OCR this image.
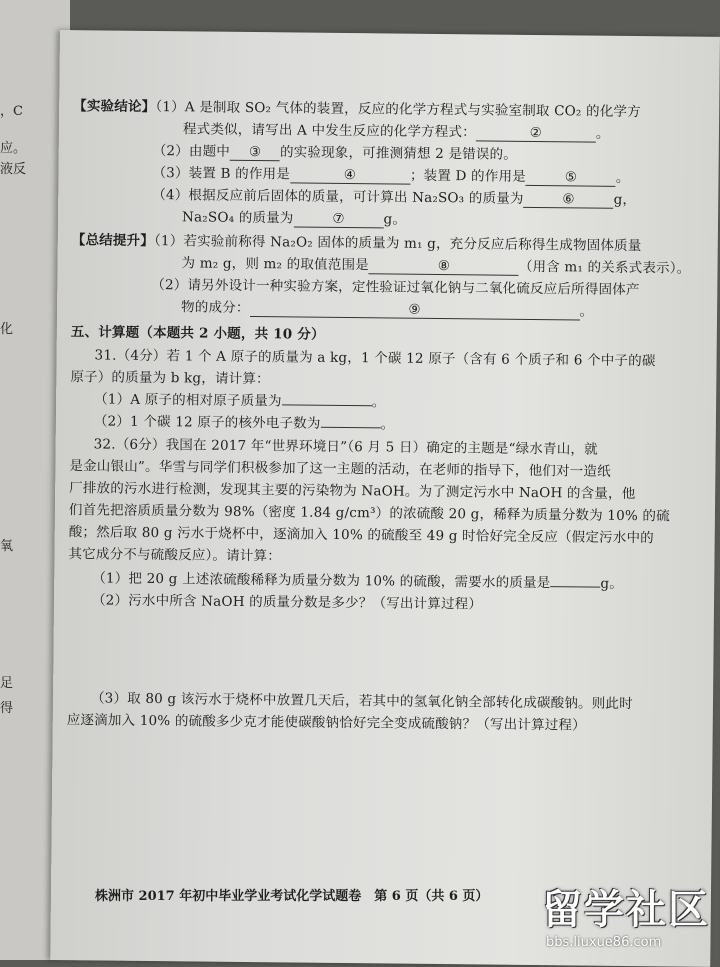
，C
应。
液反
化
氧
足
得
【实验结论】（1）A 是制取 SO₂ 气体的装置，反应的化学方程式与实验室制取 CO₂ 的化学方
程式类似，请写出 A 中发生反应的化学方程式：	②	。
（2）由题中 ③ 的实验现象，可推测猜想 2 是错误的。
（3）装置 B 的作用是	④	；装置 D 的作用是	⑤	。
（4）根据反应前后固体的质量，可计算出 Na₂SO₃ 的质量为	⑥	g，
Na₂SO₄ 的质量为	⑦	g。
【总结提升】（1）若实验前称得 Na₂O₂ 固体的质量为 m₁ g，充分反应后称得生成物固体质量
为 m₂ g，则 m₂ 的取值范围是	⑧	（用含 m₁ 的关系式表示）。
（2）请另外设计一种实验方案，定性验证过氧化钠与二氧化硫反应后所得固体产
物的成分：	⑨	。
五、计算题（本题共 2 小题，共 10 分）
31.（4分）若 1 个 A 原子的质量为 a kg，1 个碳 12 原子（含有 6 个质子和 6 个中子的碳
原子）的质量为 b kg，请计算：
（1）A 原子的相对原子质量为	。
（2）1 个碳 12 原子的核外电子数为	。
32.（6分）我国在 2017 年“世界环境日”（6 月 5 日）确定的主题是“绿水青山，就
是金山银山”。华雪与同学们积极参加了这一主题的活动，在老师的指导下，他们对一造纸
厂排放的污水进行检测，发现其主要的污染物为 NaOH。为了测定污水中 NaOH 的含量，他
们首先把溶质质量分数为 98%（密度 1.84 g/cm³）的浓硫酸 20 g，稀释为质量分数为 10% 的硫
酸；然后取 80 g 污水于烧杯中，逐滴加入 10% 的硫酸至 49 g 时恰好完全反应（假定污水中的
其它成分不与硫酸反应）。请计算：
（1）把 20 g 上述浓硫酸稀释为质量分数为 10% 的硫酸，需要水的质量是	g。
（2）污水中所含 NaOH 的质量分数是多少？（写出计算过程）
（3）取 80 g 该污水于烧杯中放置几天后，若其中的氢氧化钠全部转化成碳酸钠。则此时
应逐滴加入 10% 的硫酸多少克才能使碳酸钠恰好完全变成硫酸钠？（写出计算过程）
株洲市 2017 年初中毕业学业考试化学试题卷　第 6 页（共 6 页） 留学社区
bbs.liuxue86.com
